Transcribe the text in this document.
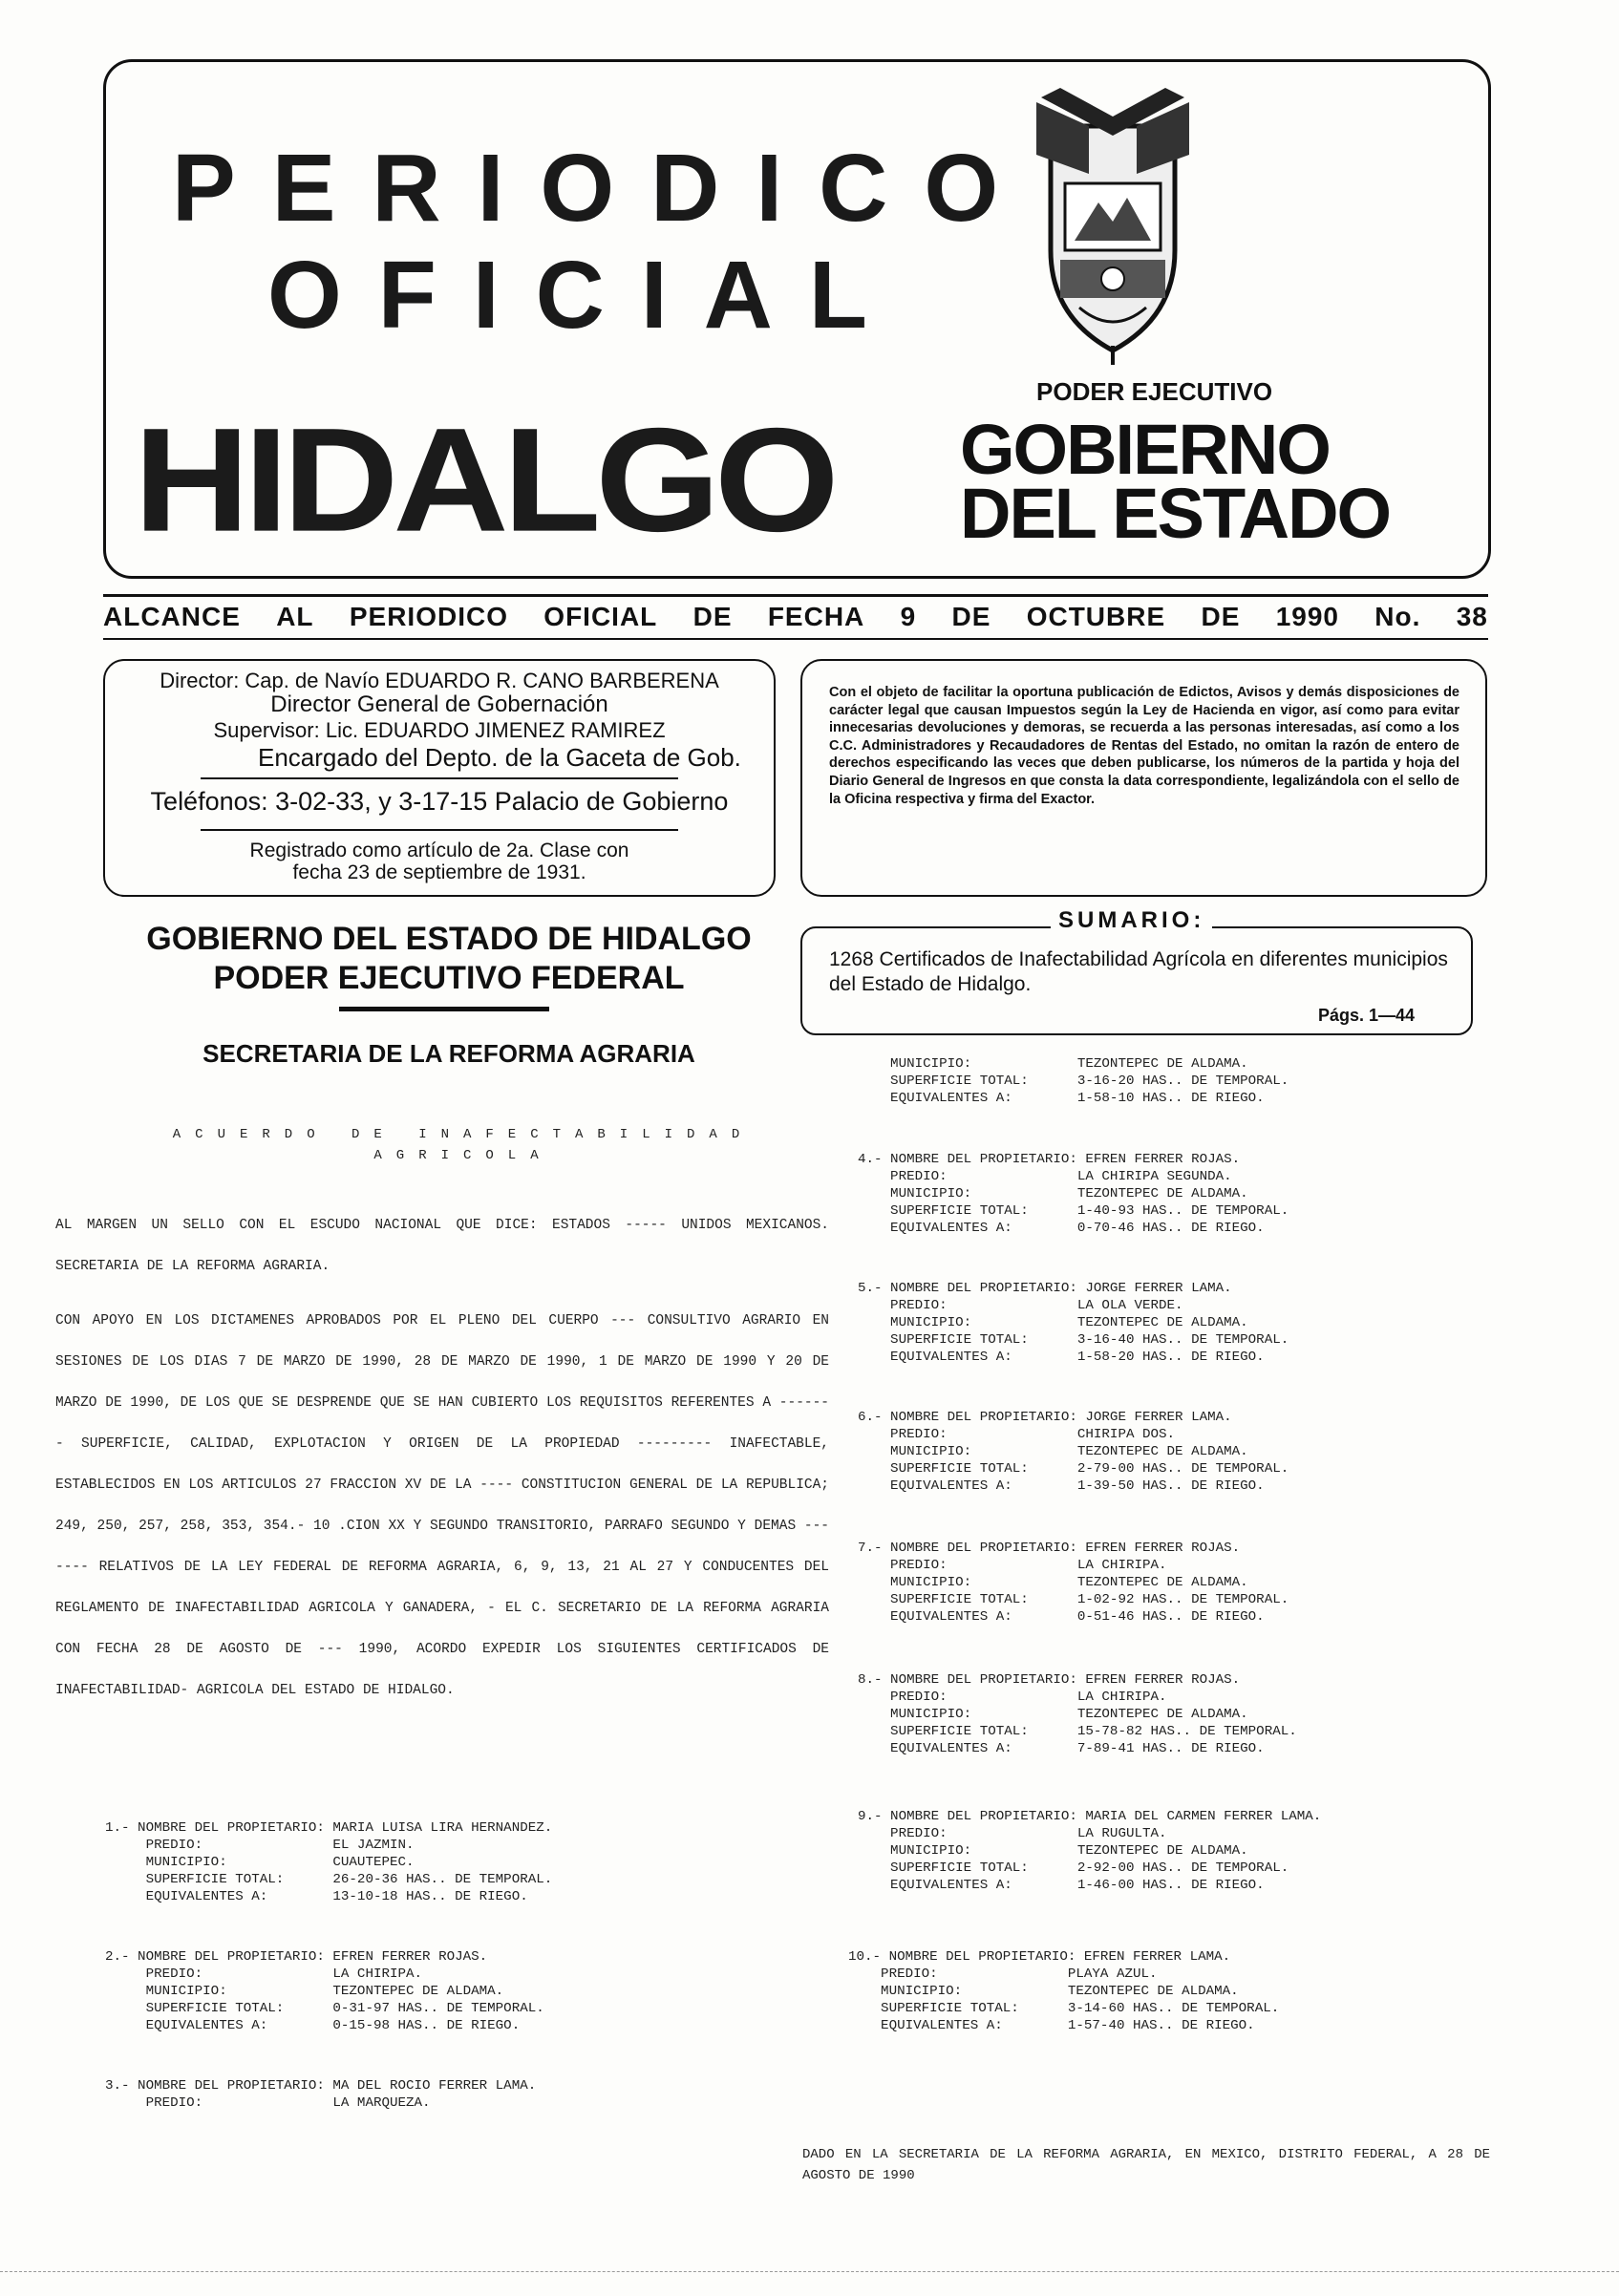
PERIODICO
OFICIAL
PODER EJECUTIVO
HIDALGO GOBIERNO
DEL ESTADO
ALCANCE AL PERIODICO OFICIAL DE FECHA 9 DE OCTUBRE DE 1990 No. 38
Director: Cap. de Navío EDUARDO R. CANO BARBERENA
Director General de Gobernación
Supervisor: Lic. EDUARDO JIMENEZ RAMIREZ
Encargado del Depto. de la Gaceta de Gob.
Teléfonos: 3-02-33, y 3-17-15 Palacio de Gobierno
Registrado como artículo de 2a. Clase con fecha 23 de septiembre de 1931.
Con el objeto de facilitar la oportuna publicación de Edictos, Avisos y demás disposiciones de carácter legal que causan Impuestos según la Ley de Hacienda en vigor, así como para evitar innecesarias devoluciones y demoras, se recuerda a las personas interesadas, así como a los C.C. Administradores y Recaudadores de Rentas del Estado, no omitan la razón de entero de derechos especificando las veces que deben publicarse, los números de la partida y hoja del Diario General de Ingresos en que consta la data correspondiente, legalizándola con el sello de la Oficina respectiva y firma del Exactor.
GOBIERNO DEL ESTADO DE HIDALGO
PODER EJECUTIVO FEDERAL
SECRETARIA DE LA REFORMA AGRARIA
SUMARIO:
1268 Certificados de Inafectabilidad Agrícola en diferentes municipios del Estado de Hidalgo.
Págs. 1—44
ACUERDO DE INAFECTABILIDAD AGRICOLA
AL MARGEN UN SELLO CON EL ESCUDO NACIONAL QUE DICE: ESTADOS ----- UNIDOS MEXICANOS. SECRETARIA DE LA REFORMA AGRARIA.
CON APOYO EN LOS DICTAMENES APROBADOS POR EL PLENO DEL CUERPO --- CONSULTIVO AGRARIO EN SESIONES DE LOS DIAS 7 DE MARZO DE 1990, 28 DE MARZO DE 1990, 1 DE MARZO DE 1990 Y 20 DE MARZO DE 1990, DE LOS QUE SE DESPRENDE QUE SE HAN CUBIERTO LOS REQUISITOS REFERENTES A ------- SUPERFICIE, CALIDAD, EXPLOTACION Y ORIGEN DE LA PROPIEDAD --------- INAFECTABLE, ESTABLECIDOS EN LOS ARTICULOS 27 FRACCION XV DE LA ---- CONSTITUCION GENERAL DE LA REPUBLICA; 249, 250, 257, 258, 353, 354.- 10 .CION XX Y SEGUNDO TRANSITORIO, PARRAFO SEGUNDO Y DEMAS ------- RELATIVOS DE LA LEY FEDERAL DE REFORMA AGRARIA, 6, 9, 13, 21 AL 27 Y CONDUCENTES DEL REGLAMENTO DE INAFECTABILIDAD AGRICOLA Y GANADERA, - EL C. SECRETARIO DE LA REFORMA AGRARIA CON FECHA 28 DE AGOSTO DE --- 1990, ACORDO EXPEDIR LOS SIGUIENTES CERTIFICADOS DE INAFECTABILIDAD- AGRICOLA DEL ESTADO DE HIDALGO.
1.- NOMBRE DEL PROPIETARIO: MARIA LUISA LIRA HERNANDEZ.
PREDIO:                EL JAZMIN.
MUNICIPIO:             CUAUTEPEC.
SUPERFICIE TOTAL:      26-20-36 HAS.. DE TEMPORAL.
EQUIVALENTES A:        13-10-18 HAS.. DE RIEGO.
2.- NOMBRE DEL PROPIETARIO: EFREN FERRER ROJAS.
PREDIO:                LA CHIRIPA.
MUNICIPIO:             TEZONTEPEC DE ALDAMA.
SUPERFICIE TOTAL:      0-31-97 HAS.. DE TEMPORAL.
EQUIVALENTES A:        0-15-98 HAS.. DE RIEGO.
3.- NOMBRE DEL PROPIETARIO: MA DEL ROCIO FERRER LAMA.
PREDIO:                LA MARQUEZA.
MUNICIPIO:             TEZONTEPEC DE ALDAMA.
SUPERFICIE TOTAL:      3-16-20 HAS.. DE TEMPORAL.
EQUIVALENTES A:        1-58-10 HAS.. DE RIEGO.
4.- NOMBRE DEL PROPIETARIO: EFREN FERRER ROJAS.
PREDIO:                LA CHIRIPA SEGUNDA.
MUNICIPIO:             TEZONTEPEC DE ALDAMA.
SUPERFICIE TOTAL:      1-40-93 HAS.. DE TEMPORAL.
EQUIVALENTES A:        0-70-46 HAS.. DE RIEGO.
5.- NOMBRE DEL PROPIETARIO: JORGE FERRER LAMA.
PREDIO:                LA OLA VERDE.
MUNICIPIO:             TEZONTEPEC DE ALDAMA.
SUPERFICIE TOTAL:      3-16-40 HAS.. DE TEMPORAL.
EQUIVALENTES A:        1-58-20 HAS.. DE RIEGO.
6.- NOMBRE DEL PROPIETARIO: JORGE FERRER LAMA.
PREDIO:                CHIRIPA DOS.
MUNICIPIO:             TEZONTEPEC DE ALDAMA.
SUPERFICIE TOTAL:      2-79-00 HAS.. DE TEMPORAL.
EQUIVALENTES A:        1-39-50 HAS.. DE RIEGO.
7.- NOMBRE DEL PROPIETARIO: EFREN FERRER ROJAS.
PREDIO:                LA CHIRIPA.
MUNICIPIO:             TEZONTEPEC DE ALDAMA.
SUPERFICIE TOTAL:      1-02-92 HAS.. DE TEMPORAL.
EQUIVALENTES A:        0-51-46 HAS.. DE RIEGO.
8.- NOMBRE DEL PROPIETARIO: EFREN FERRER ROJAS.
PREDIO:                LA CHIRIPA.
MUNICIPIO:             TEZONTEPEC DE ALDAMA.
SUPERFICIE TOTAL:      15-78-82 HAS.. DE TEMPORAL.
EQUIVALENTES A:        7-89-41 HAS.. DE RIEGO.
9.- NOMBRE DEL PROPIETARIO: MARIA DEL CARMEN FERRER LAMA.
PREDIO:                LA RUGULTA.
MUNICIPIO:             TEZONTEPEC DE ALDAMA.
SUPERFICIE TOTAL:      2-92-00 HAS.. DE TEMPORAL.
EQUIVALENTES A:        1-46-00 HAS.. DE RIEGO.
10.- NOMBRE DEL PROPIETARIO: EFREN FERRER LAMA.
PREDIO:                PLAYA AZUL.
MUNICIPIO:             TEZONTEPEC DE ALDAMA.
SUPERFICIE TOTAL:      3-14-60 HAS.. DE TEMPORAL.
EQUIVALENTES A:        1-57-40 HAS.. DE RIEGO.
DADO EN LA SECRETARIA DE LA REFORMA AGRARIA, EN MEXICO, DISTRITO FEDERAL, A 28 DE AGOSTO DE 1990
